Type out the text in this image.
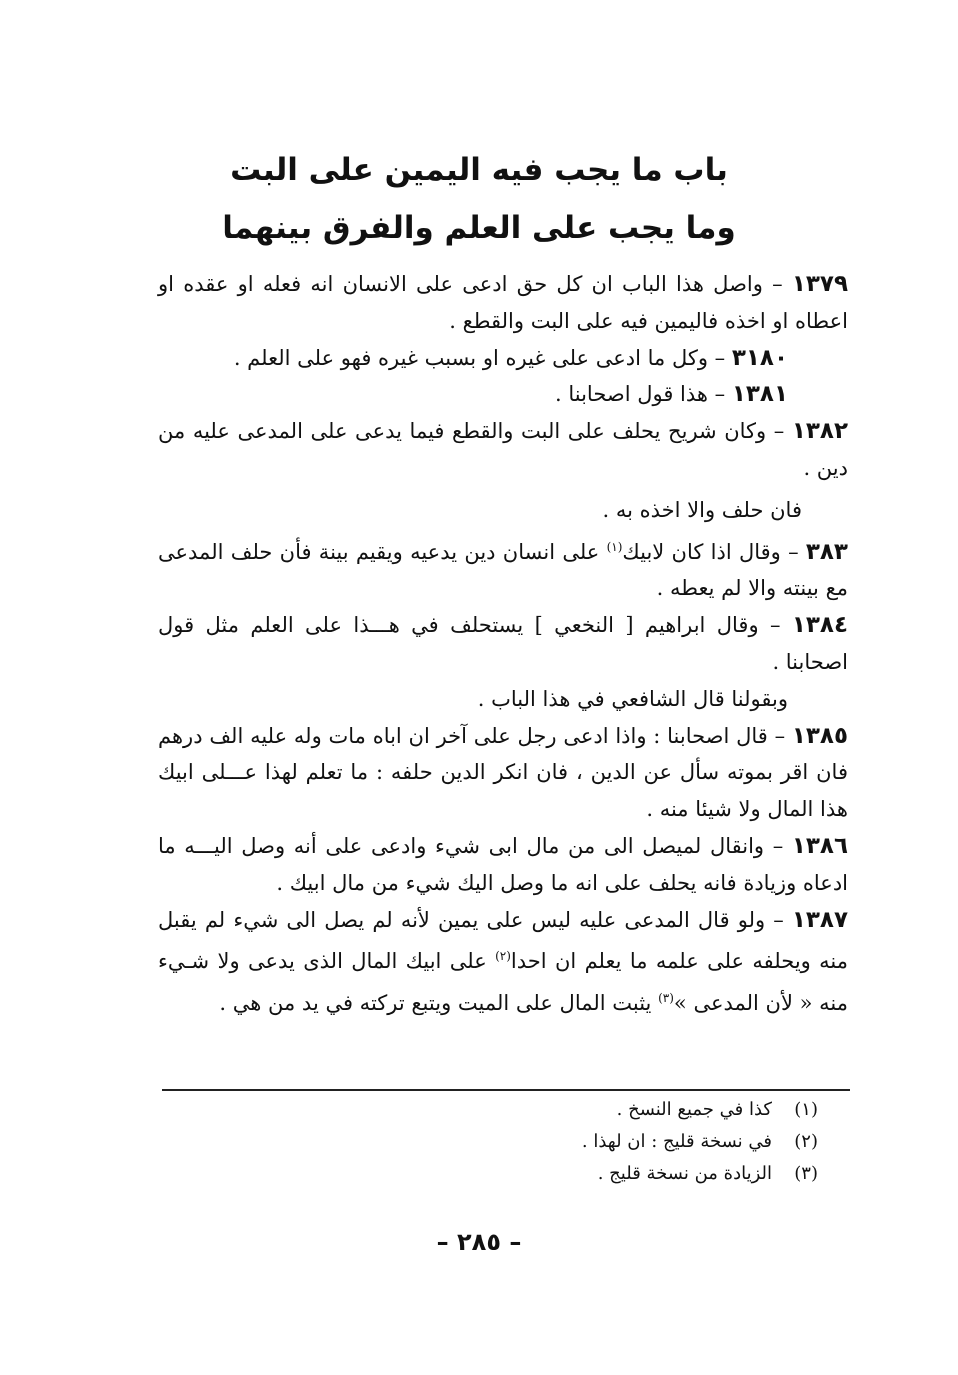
باب ما يجب فيه اليمين على البت
وما يجب على العلم والفرق بينهما

١٣٧٩ – واصل هذا الباب ان كل حق ادعى على الانسان انه فعله او عقده او اعطاه او اخذه فاليمين فيه على البت والقطع .

٣١٨٠ – وكل ما ادعى على غيره او بسبب غيره فهو على العلم .

١٣٨١ – هذا قول اصحابنا .

١٣٨٢ – وكان شريح يحلف على البت والقطع فيما يدعى على المدعى عليه من دين .

فان حلف والا اخذه به .

٣٨٣ – وقال اذا كان لابيك$^{(١)}$ على انسان دين يدعيه ويقيم بينة فأن حلف المدعى مع بينته والا لم يعطه .

١٣٨٤ – وقال ابراهيم [ النخعي ] يستحلف في هـــذا على العلم مثل قول اصحابنا .

وبقولنا قال الشافعي في هذا الباب .

١٣٨٥ – قال اصحابنا : واذا ادعى رجل على آخر ان اباه مات وله عليه الف درهم فان اقر بموته سأل عن الدين ، فان انكر الدين حلفه : ما تعلم لهذا عـــلى ابيك هذا المال ولا شيئا منه .

١٣٨٦ – وانقال لميصل الى من مال ابى شيء وادعى على أنه وصل اليـــه ما ادعاه وزيادة فانه يحلف على انه ما وصل اليك شيء من مال ابيك .

١٣٨٧ – ولو قال المدعى عليه ليس على يمين لأنه لم يصل الى شيء لم يقبل منه ويحلفه على علمه ما يعلم ان احدا$^{(٢)}$ على ابيك المال الذى يدعى ولا شـيء منه « لأن المدعى »$^{(٣)}$ يثبت المال على الميت ويتبع تركته في يد من هي .

(١)كذا في جميع النسخ .
(٢)في نسخة قليج : ان لهذا .
(٣)الزيادة من نسخة قليج .
– ٢٨٥ –
